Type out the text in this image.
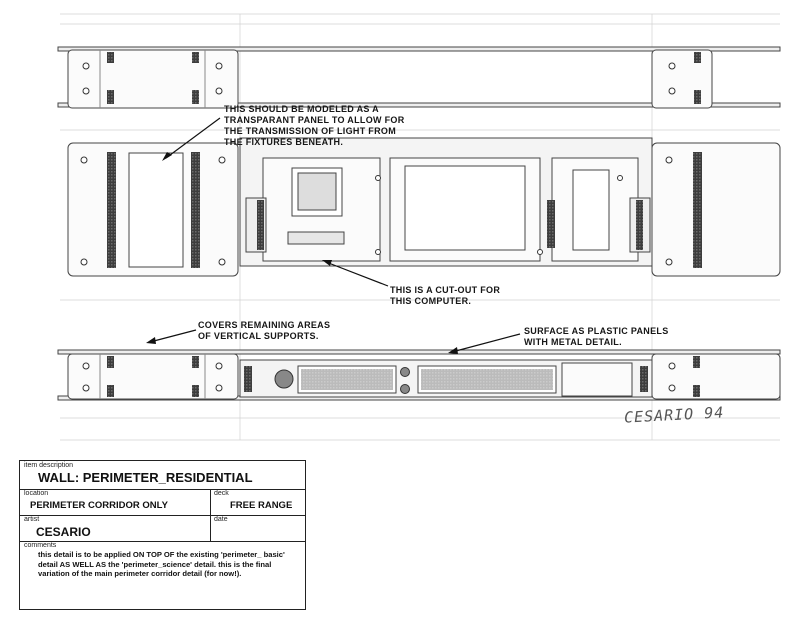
THIS SHOULD BE MODELED AS A
TRANSPARANT PANEL TO ALLOW FOR
THE TRANSMISSION OF LIGHT FROM
THE FIXTURES BENEATH.
THIS IS A CUT-OUT FOR
THIS COMPUTER.
COVERS REMAINING AREAS
OF VERTICAL SUPPORTS.	SURFACE AS PLASTIC PANELS
WITH METAL DETAIL.
CESARIO 94
item description
WALL: PERIMETER_RESIDENTIAL
location
PERIMETER CORRIDOR ONLY
deck
FREE RANGE
artist
CESARIO
date
comments
this detail is to be applied ON TOP OF the existing 'perimeter_ basic' detail AS WELL AS the 'perimeter_science' detail. this is the final variation of the main perimeter corridor detail (for now!).
